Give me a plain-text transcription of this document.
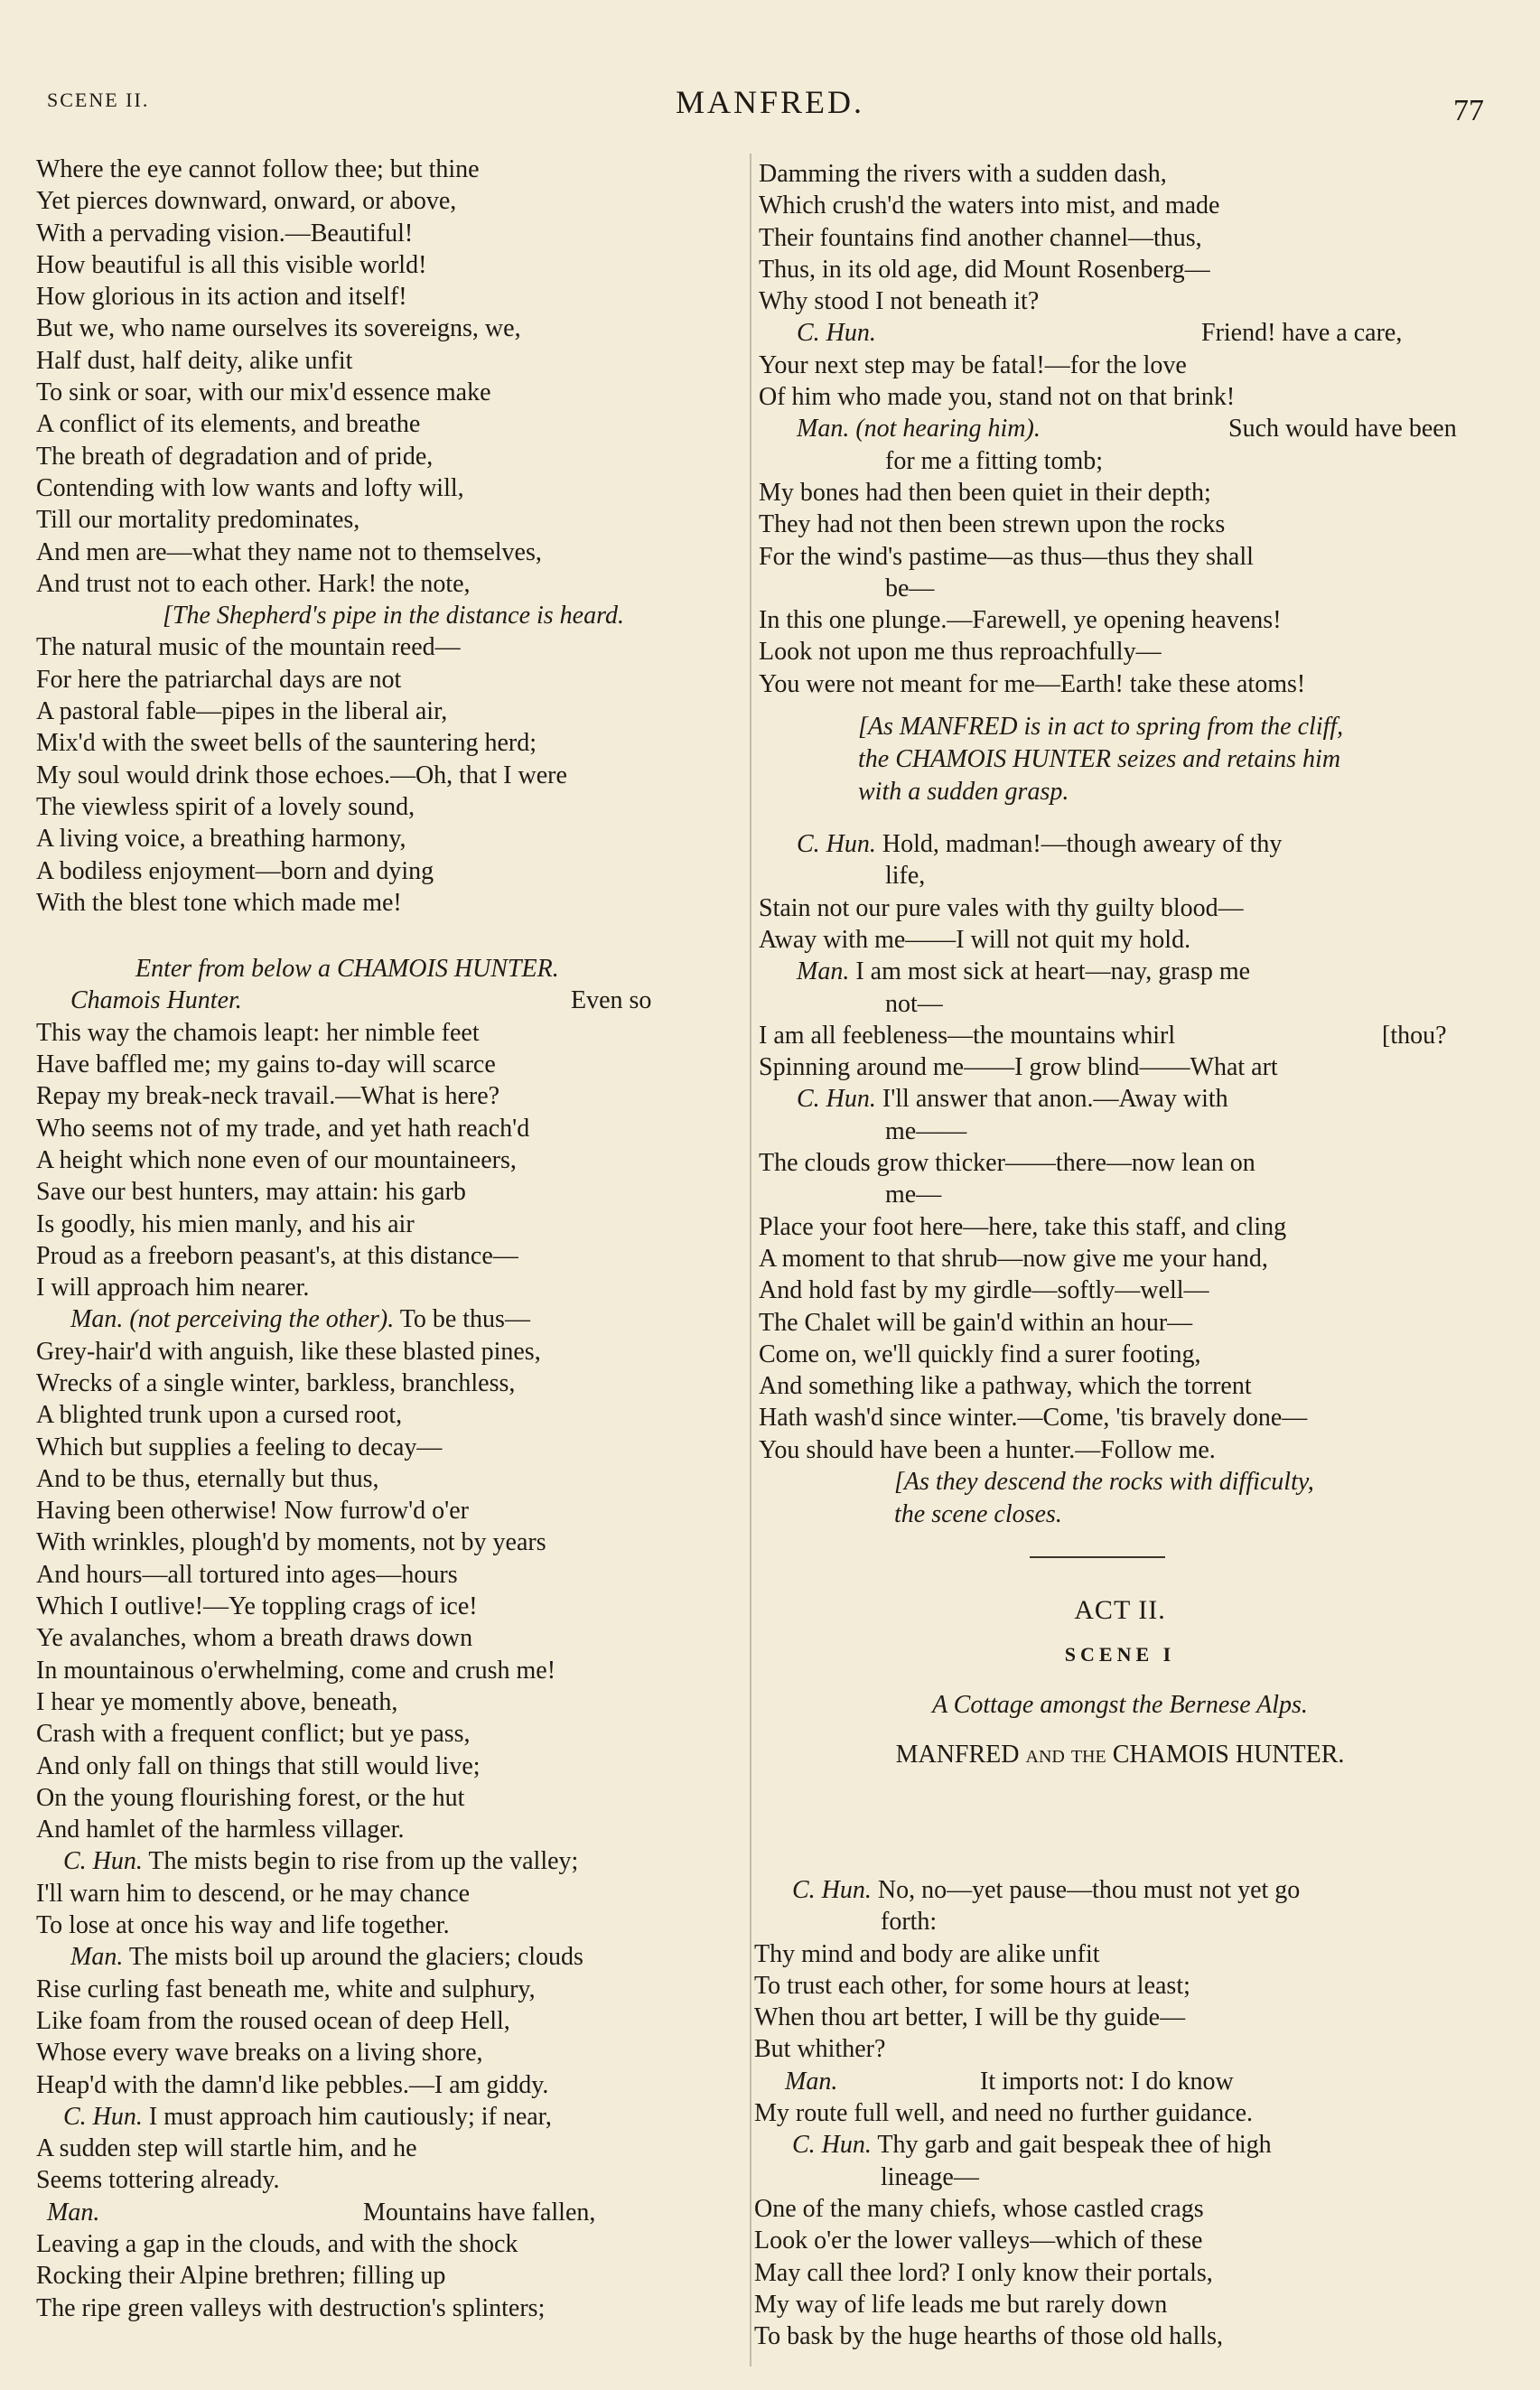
SCENE II.	MANFRED.	77
Where the eye cannot follow thee; but thine
Yet pierces downward, onward, or above,
With a pervading vision.—Beautiful!
How beautiful is all this visible world!
How glorious in its action and itself!
But we, who name ourselves its sovereigns, we,
Half dust, half deity, alike unfit
To sink or soar, with our mix'd essence make
A conflict of its elements, and breathe
The breath of degradation and of pride,
Contending with low wants and lofty will,
Till our mortality predominates,
And men are—what they name not to themselves,
And trust not to each other. Hark! the note,
[The Shepherd's pipe in the distance is heard.
The natural music of the mountain reed—
For here the patriarchal days are not
A pastoral fable—pipes in the liberal air,
Mix'd with the sweet bells of the sauntering herd;
My soul would drink those echoes.—Oh, that I were
The viewless spirit of a lovely sound,
A living voice, a breathing harmony,
A bodiless enjoyment—born and dying
With the blest tone which made me!
Enter from below a CHAMOIS HUNTER.
Chamois Hunter.	Even so
This way the chamois leapt: her nimble feet
Have baffled me; my gains to-day will scarce
Repay my break-neck travail.—What is here?
Who seems not of my trade, and yet hath reach'd
A height which none even of our mountaineers,
Save our best hunters, may attain: his garb
Is goodly, his mien manly, and his air
Proud as a freeborn peasant's, at this distance—
I will approach him nearer.
Man. (not perceiving the other). To be thus—
Grey-hair'd with anguish, like these blasted pines,
Wrecks of a single winter, barkless, branchless,
A blighted trunk upon a cursed root,
Which but supplies a feeling to decay—
And to be thus, eternally but thus,
Having been otherwise! Now furrow'd o'er
With wrinkles, plough'd by moments, not by years
And hours—all tortured into ages—hours
Which I outlive!—Ye toppling crags of ice!
Ye avalanches, whom a breath draws down
In mountainous o'erwhelming, come and crush me!
I hear ye momently above, beneath,
Crash with a frequent conflict; but ye pass,
And only fall on things that still would live;
On the young flourishing forest, or the hut
And hamlet of the harmless villager.
C. Hun. The mists begin to rise from up the valley;
I'll warn him to descend, or he may chance
To lose at once his way and life together.
Man. The mists boil up around the glaciers; clouds
Rise curling fast beneath me, white and sulphury,
Like foam from the roused ocean of deep Hell,
Whose every wave breaks on a living shore,
Heap'd with the damn'd like pebbles.—I am giddy.
C. Hun. I must approach him cautiously; if near,
A sudden step will startle him, and he
Seems tottering already.
Man.	Mountains have fallen,
Leaving a gap in the clouds, and with the shock
Rocking their Alpine brethren; filling up
The ripe green valleys with destruction's splinters;
Damming the rivers with a sudden dash,
Which crush'd the waters into mist, and made
Their fountains find another channel—thus,
Thus, in its old age, did Mount Rosenberg—
Why stood I not beneath it?
C. Hun.	Friend! have a care,
Your next step may be fatal!—for the love
Of him who made you, stand not on that brink!
Man. (not hearing him).	Such would have been
for me a fitting tomb;
My bones had then been quiet in their depth;
They had not then been strewn upon the rocks
For the wind's pastime—as thus—thus they shall
be—
In this one plunge.—Farewell, ye opening heavens!
Look not upon me thus reproachfully—
You were not meant for me—Earth! take these atoms!
[As MANFRED is in act to spring from the cliff, the CHAMOIS HUNTER seizes and retains him with a sudden grasp.
C. Hun. Hold, madman!—though aweary of thy
life,
Stain not our pure vales with thy guilty blood—
Away with me——I will not quit my hold.
Man. I am most sick at heart—nay, grasp me
not—
I am all feebleness—the mountains whirl	[thou?
Spinning around me——I grow blind——What art
C. Hun. I'll answer that anon.—Away with
me——
The clouds grow thicker——there—now lean on
me—
Place your foot here—here, take this staff, and cling
A moment to that shrub—now give me your hand,
And hold fast by my girdle—softly—well—
The Chalet will be gain'd within an hour—
Come on, we'll quickly find a surer footing,
And something like a pathway, which the torrent
Hath wash'd since winter.—Come, 'tis bravely done—
You should have been a hunter.—Follow me.
[As they descend the rocks with difficulty, the scene closes.
ACT II.
SCENE I
A Cottage amongst the Bernese Alps.
MANFRED and the CHAMOIS HUNTER.
C. Hun. No, no—yet pause—thou must not yet go
forth:
Thy mind and body are alike unfit
To trust each other, for some hours at least;
When thou art better, I will be thy guide—
But whither?
Man.	It imports not: I do know
My route full well, and need no further guidance.
C. Hun. Thy garb and gait bespeak thee of high
lineage—
One of the many chiefs, whose castled crags
Look o'er the lower valleys—which of these
May call thee lord? I only know their portals,
My way of life leads me but rarely down
To bask by the huge hearths of those old halls,
